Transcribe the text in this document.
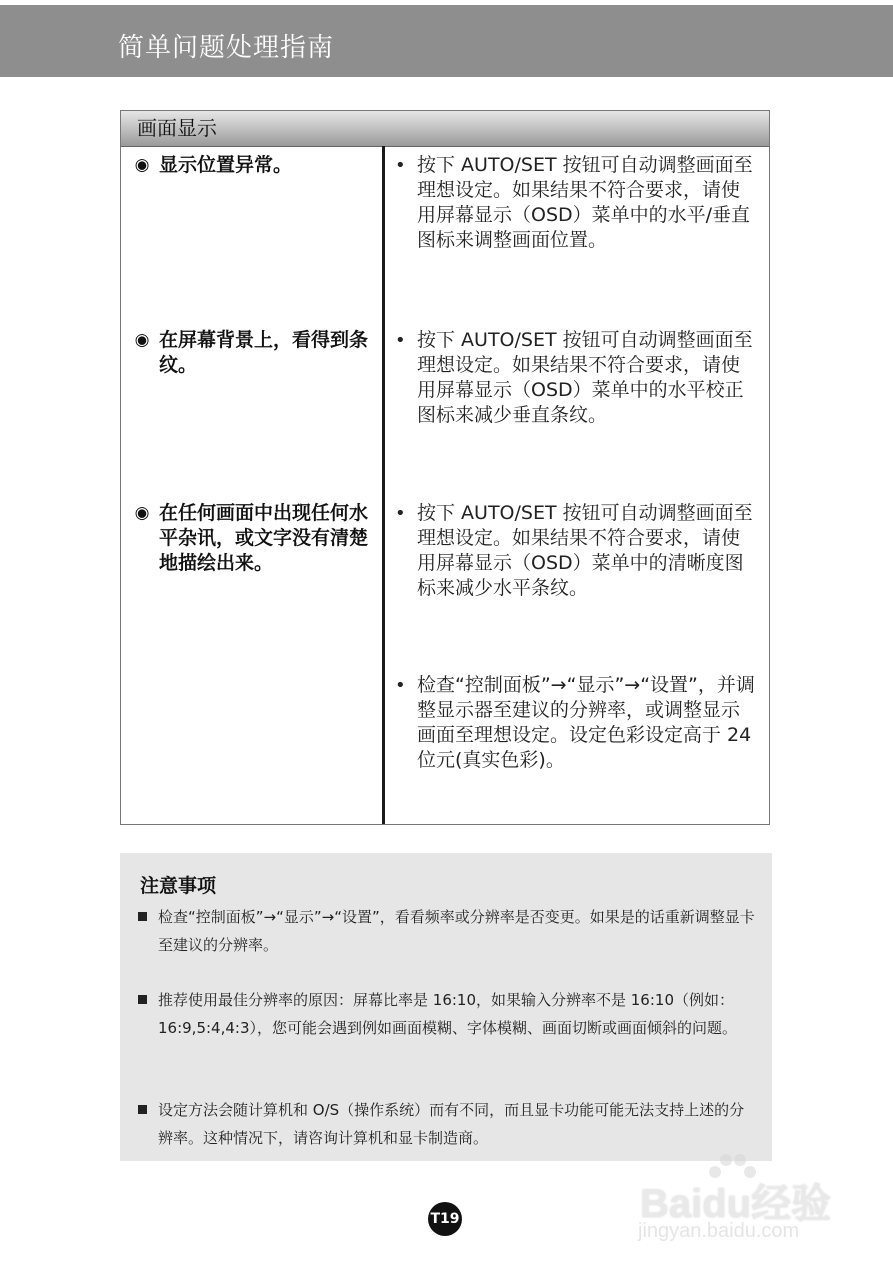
简单问题处理指南
画面显示
◉ 显示位置异常。	• 按下 AUTO/SET 按钮可自动调整画面至理想设定。如果结果不符合要求，请使用屏幕显示（OSD）菜单中的水平/垂直图标来调整画面位置。
◉ 在屏幕背景上，看得到条纹。
• 按下 AUTO/SET 按钮可自动调整画面至理想设定。如果结果不符合要求，请使用屏幕显示（OSD）菜单中的水平校正图标来减少垂直条纹。
◉ 在任何画面中出现任何水平杂讯，或文字没有清楚地描绘出来。
• 按下 AUTO/SET 按钮可自动调整画面至理想设定。如果结果不符合要求，请使用屏幕显示（OSD）菜单中的清晰度图标来减少水平条纹。
• 检查“控制面板”→“显示”→“设置”，并调整显示器至建议的分辨率，或调整显示画面至理想设定。设定色彩设定高于 24 位元(真实色彩)。
注意事项
检查“控制面板”→“显示”→“设置”，看看频率或分辨率是否变更。如果是的话重新调整显卡至建议的分辨率。
推荐使用最佳分辨率的原因：屏幕比率是 16:10，如果输入分辨率不是 16:10（例如：16:9,5:4,4:3），您可能会遇到例如画面模糊、字体模糊、画面切断或画面倾斜的问题。
设定方法会随计算机和 O/S（操作系统）而有不同，而且显卡功能可能无法支持上述的分辨率。这种情况下，请咨询计算机和显卡制造商。
T19	Baidu经验
jingyan.baidu.com
